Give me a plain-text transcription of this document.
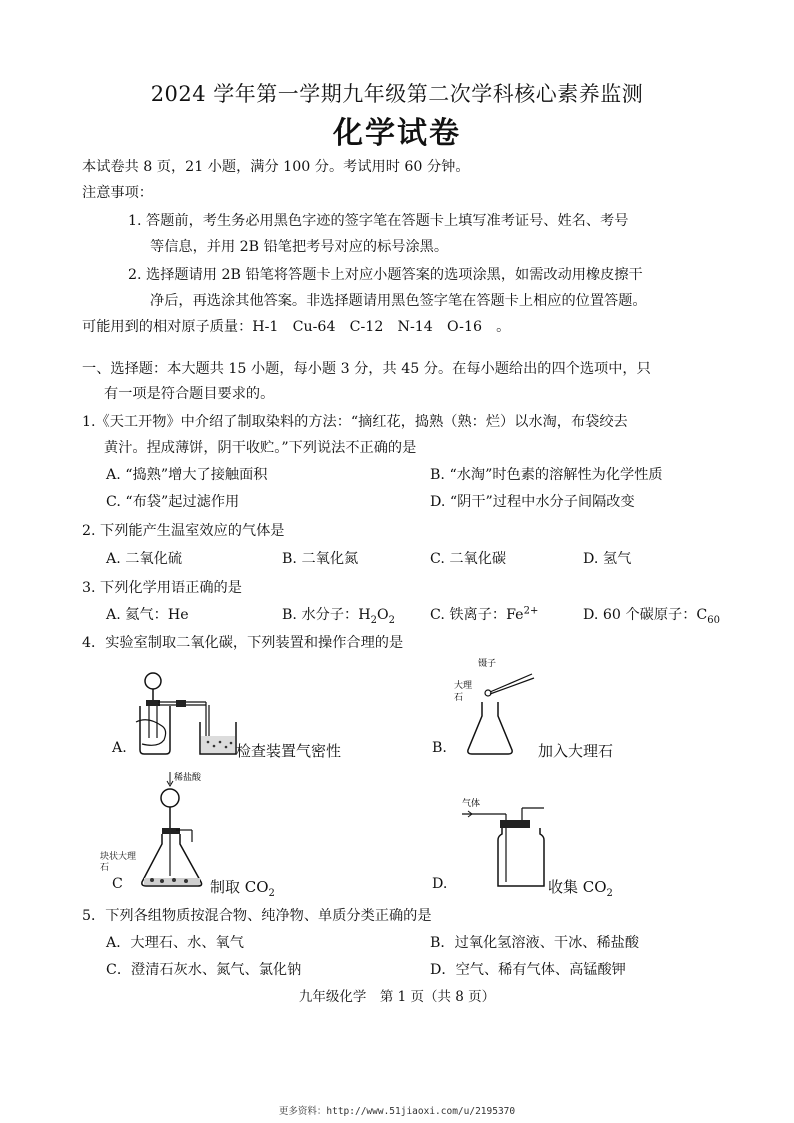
2024 学年第一学期九年级第二次学科核心素养监测
化学试卷
本试卷共 8 页，21 小题，满分 100 分。考试用时 60 分钟。
注意事项：
1. 答题前，考生务必用黑色字迹的签字笔在答题卡上填写准考证号、姓名、考号
等信息，并用 2B 铅笔把考号对应的标号涂黑。
2. 选择题请用 2B 铅笔将答题卡上对应小题答案的选项涂黑，如需改动用橡皮擦干
净后，再选涂其他答案。非选择题请用黑色签字笔在答题卡上相应的位置答题。
可能用到的相对原子质量：H-1　Cu-64　C-12　N-14　O-16　。
一、选择题：本大题共 15 小题，每小题 3 分，共 45 分。在每小题给出的四个选项中，只
有一项是符合题目要求的。
1.《天工开物》中介绍了制取染料的方法：“摘红花，捣熟（熟：烂）以水淘，布袋绞去
黄汁。捏成薄饼，阴干收贮。”下列说法不正确的是
A. “捣熟”增大了接触面积	B. “水淘”时色素的溶解性为化学性质
C. “布袋”起过滤作用	D. “阴干”过程中水分子间隔改变
2. 下列能产生温室效应的气体是
A. 二氧化硫	B. 二氧化氮	C. 二氧化碳	D. 氢气
3. 下列化学用语正确的是
A. 氦气：He	B. 水分子：$H_2O_2$ C. 铁离子：$Fe^{2+}$	D. 60 个碳原子：$C_{60}$
4．实验室制取二氧化碳，下列装置和操作合理的是
A.	检查装置气密性	B.
镊子
大理
石
加入大理石
C
稀盐酸
块状大理石
制取 $CO_2$
D.
气体
收集 $CO_2$
5．下列各组物质按混合物、纯净物、单质分类正确的是
A．大理石、水、氧气	B．过氧化氢溶液、干冰、稀盐酸
C．澄清石灰水、氮气、氯化钠	D．空气、稀有气体、高锰酸钾
九年级化学　第 1 页（共 8 页）
更多资料：http://www.51jiaoxi.com/u/2195370
